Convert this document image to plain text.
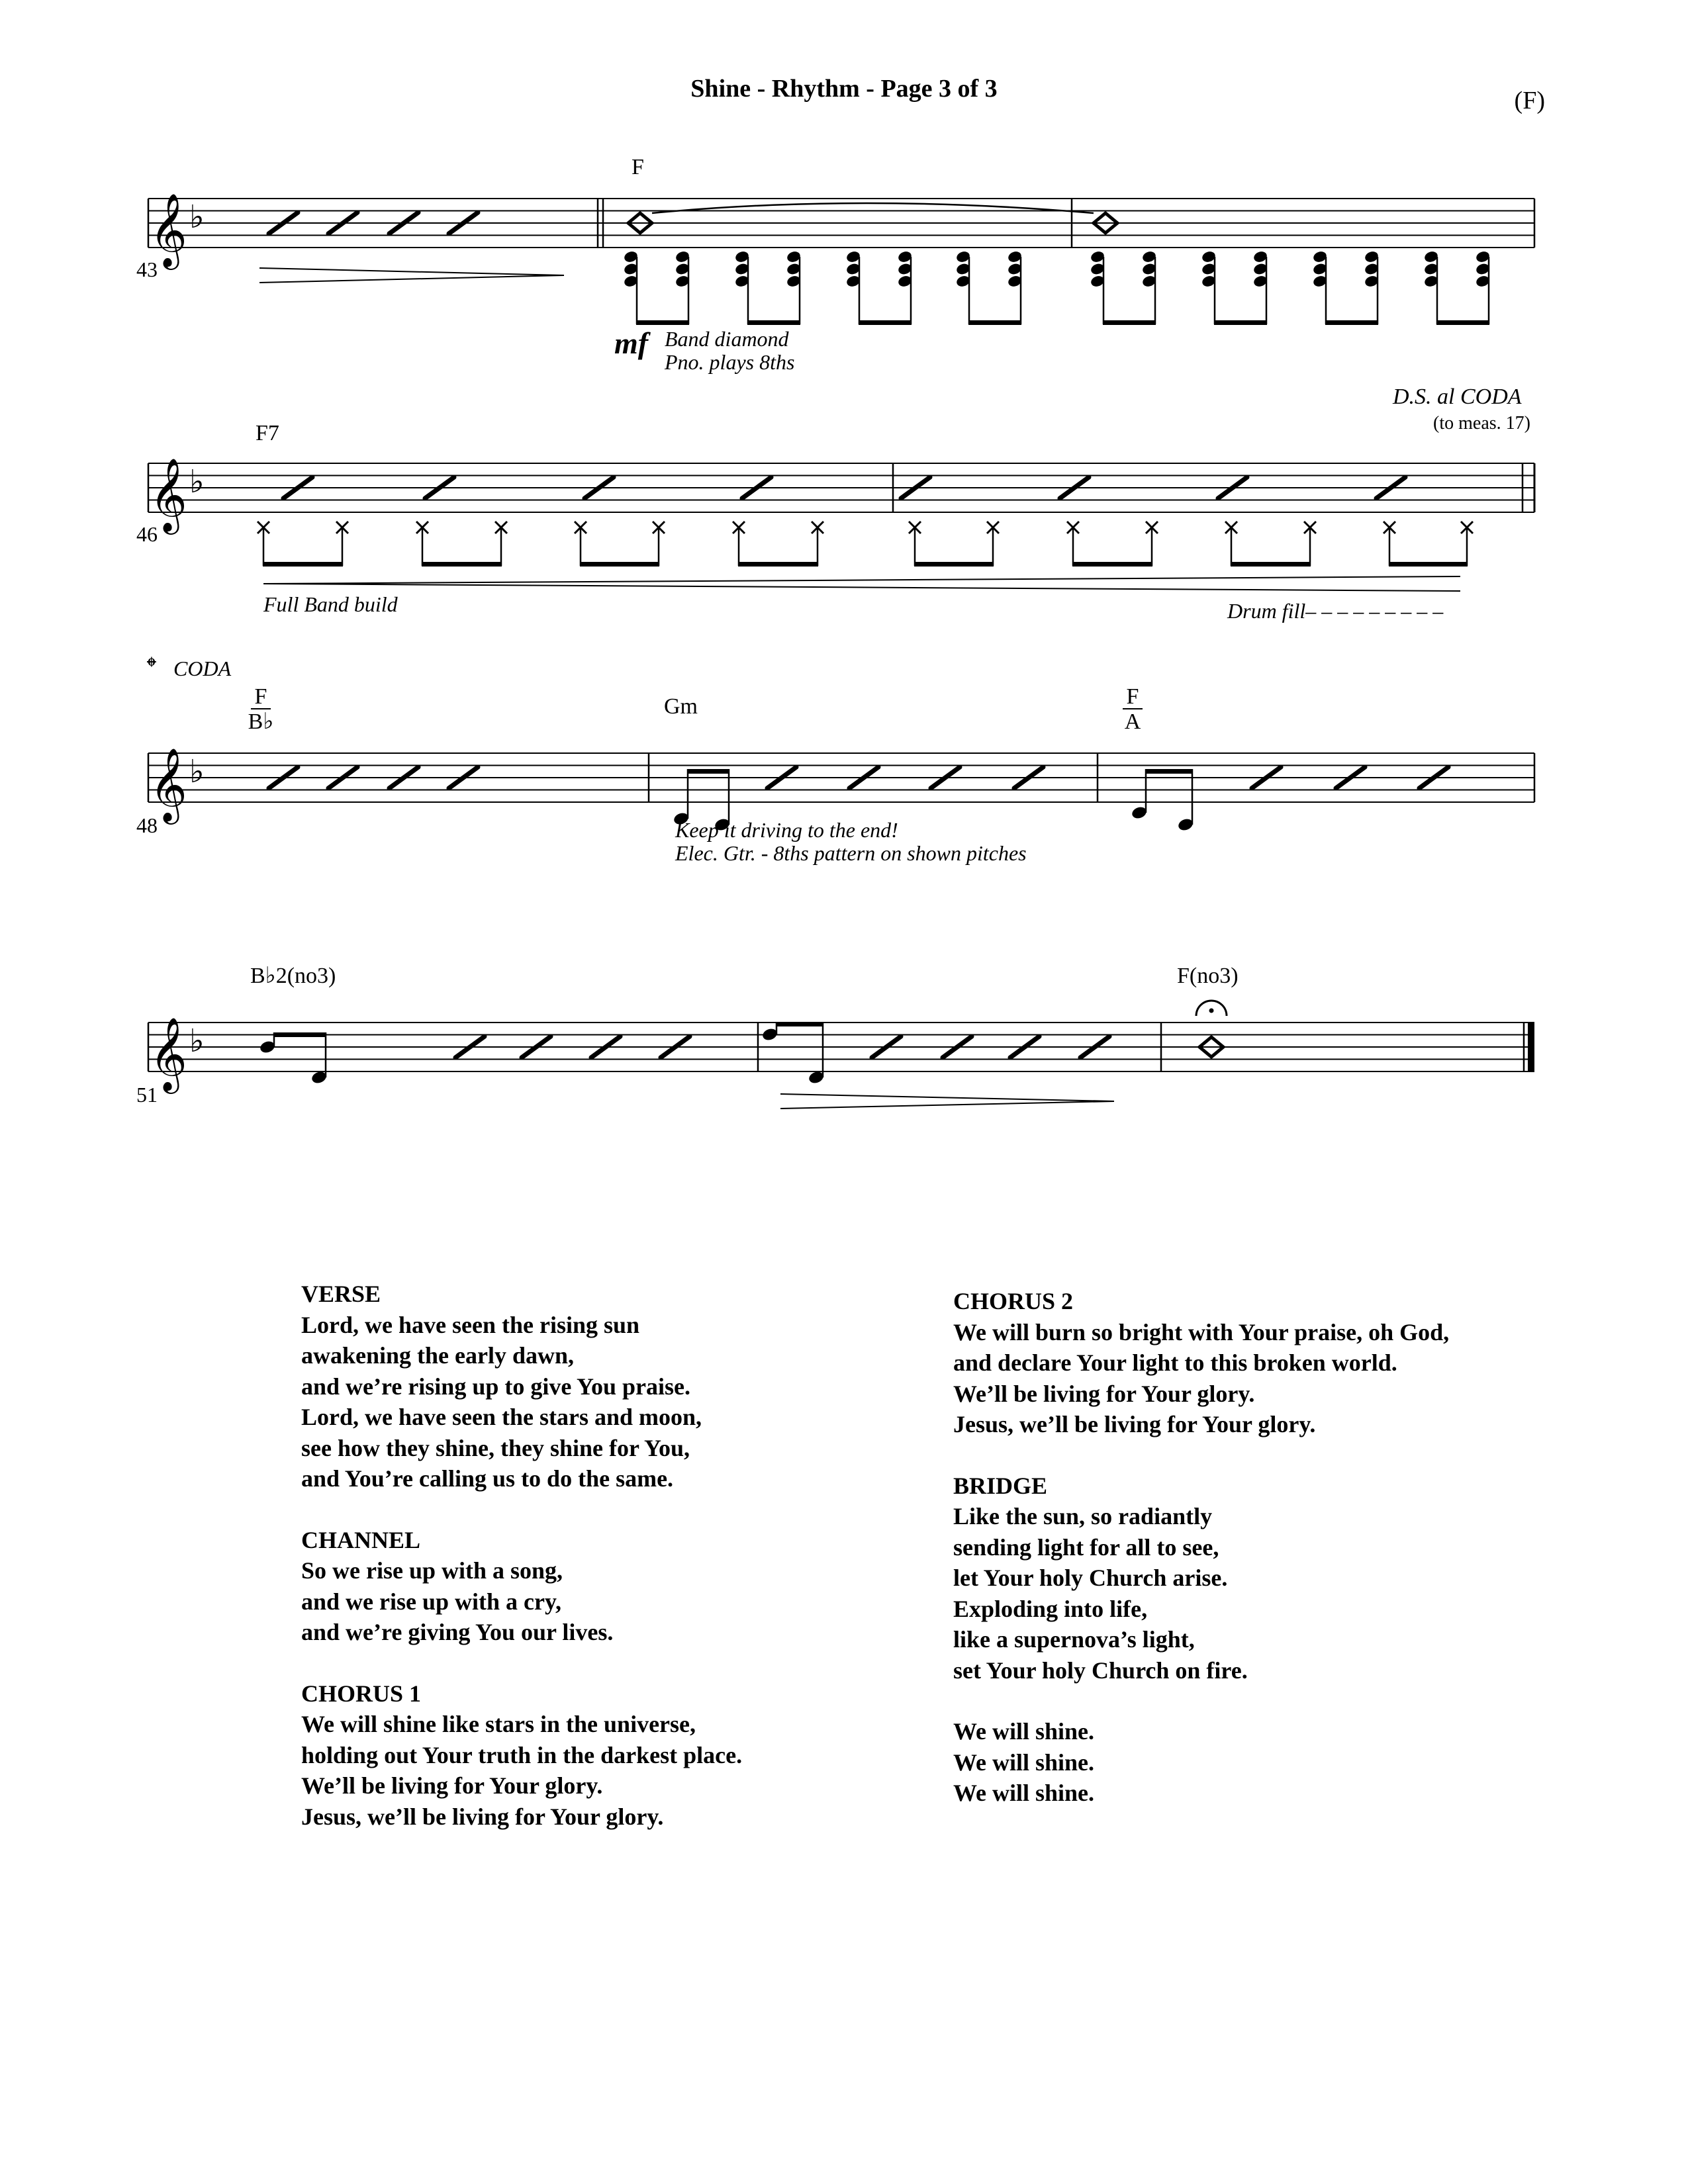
Shine - Rhythm - Page 3 of 3	(F)
𝄞 ♭
F
43
mf Band diamond
Pno. plays 8ths
𝄞 ♭
F7
D.S. al CODA
(to meas. 17)
46
Full Band build	Drum fill– – – – – – – – –
𝄞 ♭
𝄌 CODA
F
B♭
Gm	F
A
48	Keep it driving to the end!
Elec. Gtr. - 8ths pattern on shown pitches
𝄞 ♭
B♭2(no3)	F(no3)
51
VERSE
Lord, we have seen the rising sun
awakening the early dawn,
and we’re rising up to give You praise.
Lord, we have seen the stars and moon,
see how they shine, they shine for You,
and You’re calling us to do the same.
CHANNEL
So we rise up with a song,
and we rise up with a cry,
and we’re giving You our lives.
CHORUS 1
We will shine like stars in the universe,
holding out Your truth in the darkest place.
We’ll be living for Your glory.
Jesus, we’ll be living for Your glory.
CHORUS 2
We will burn so bright with Your praise, oh God,
and declare Your light to this broken world.
We’ll be living for Your glory.
Jesus, we’ll be living for Your glory.
BRIDGE
Like the sun, so radiantly
sending light for all to see,
let Your holy Church arise.
Exploding into life,
like a supernova’s light,
set Your holy Church on fire.
We will shine.
We will shine.
We will shine.
